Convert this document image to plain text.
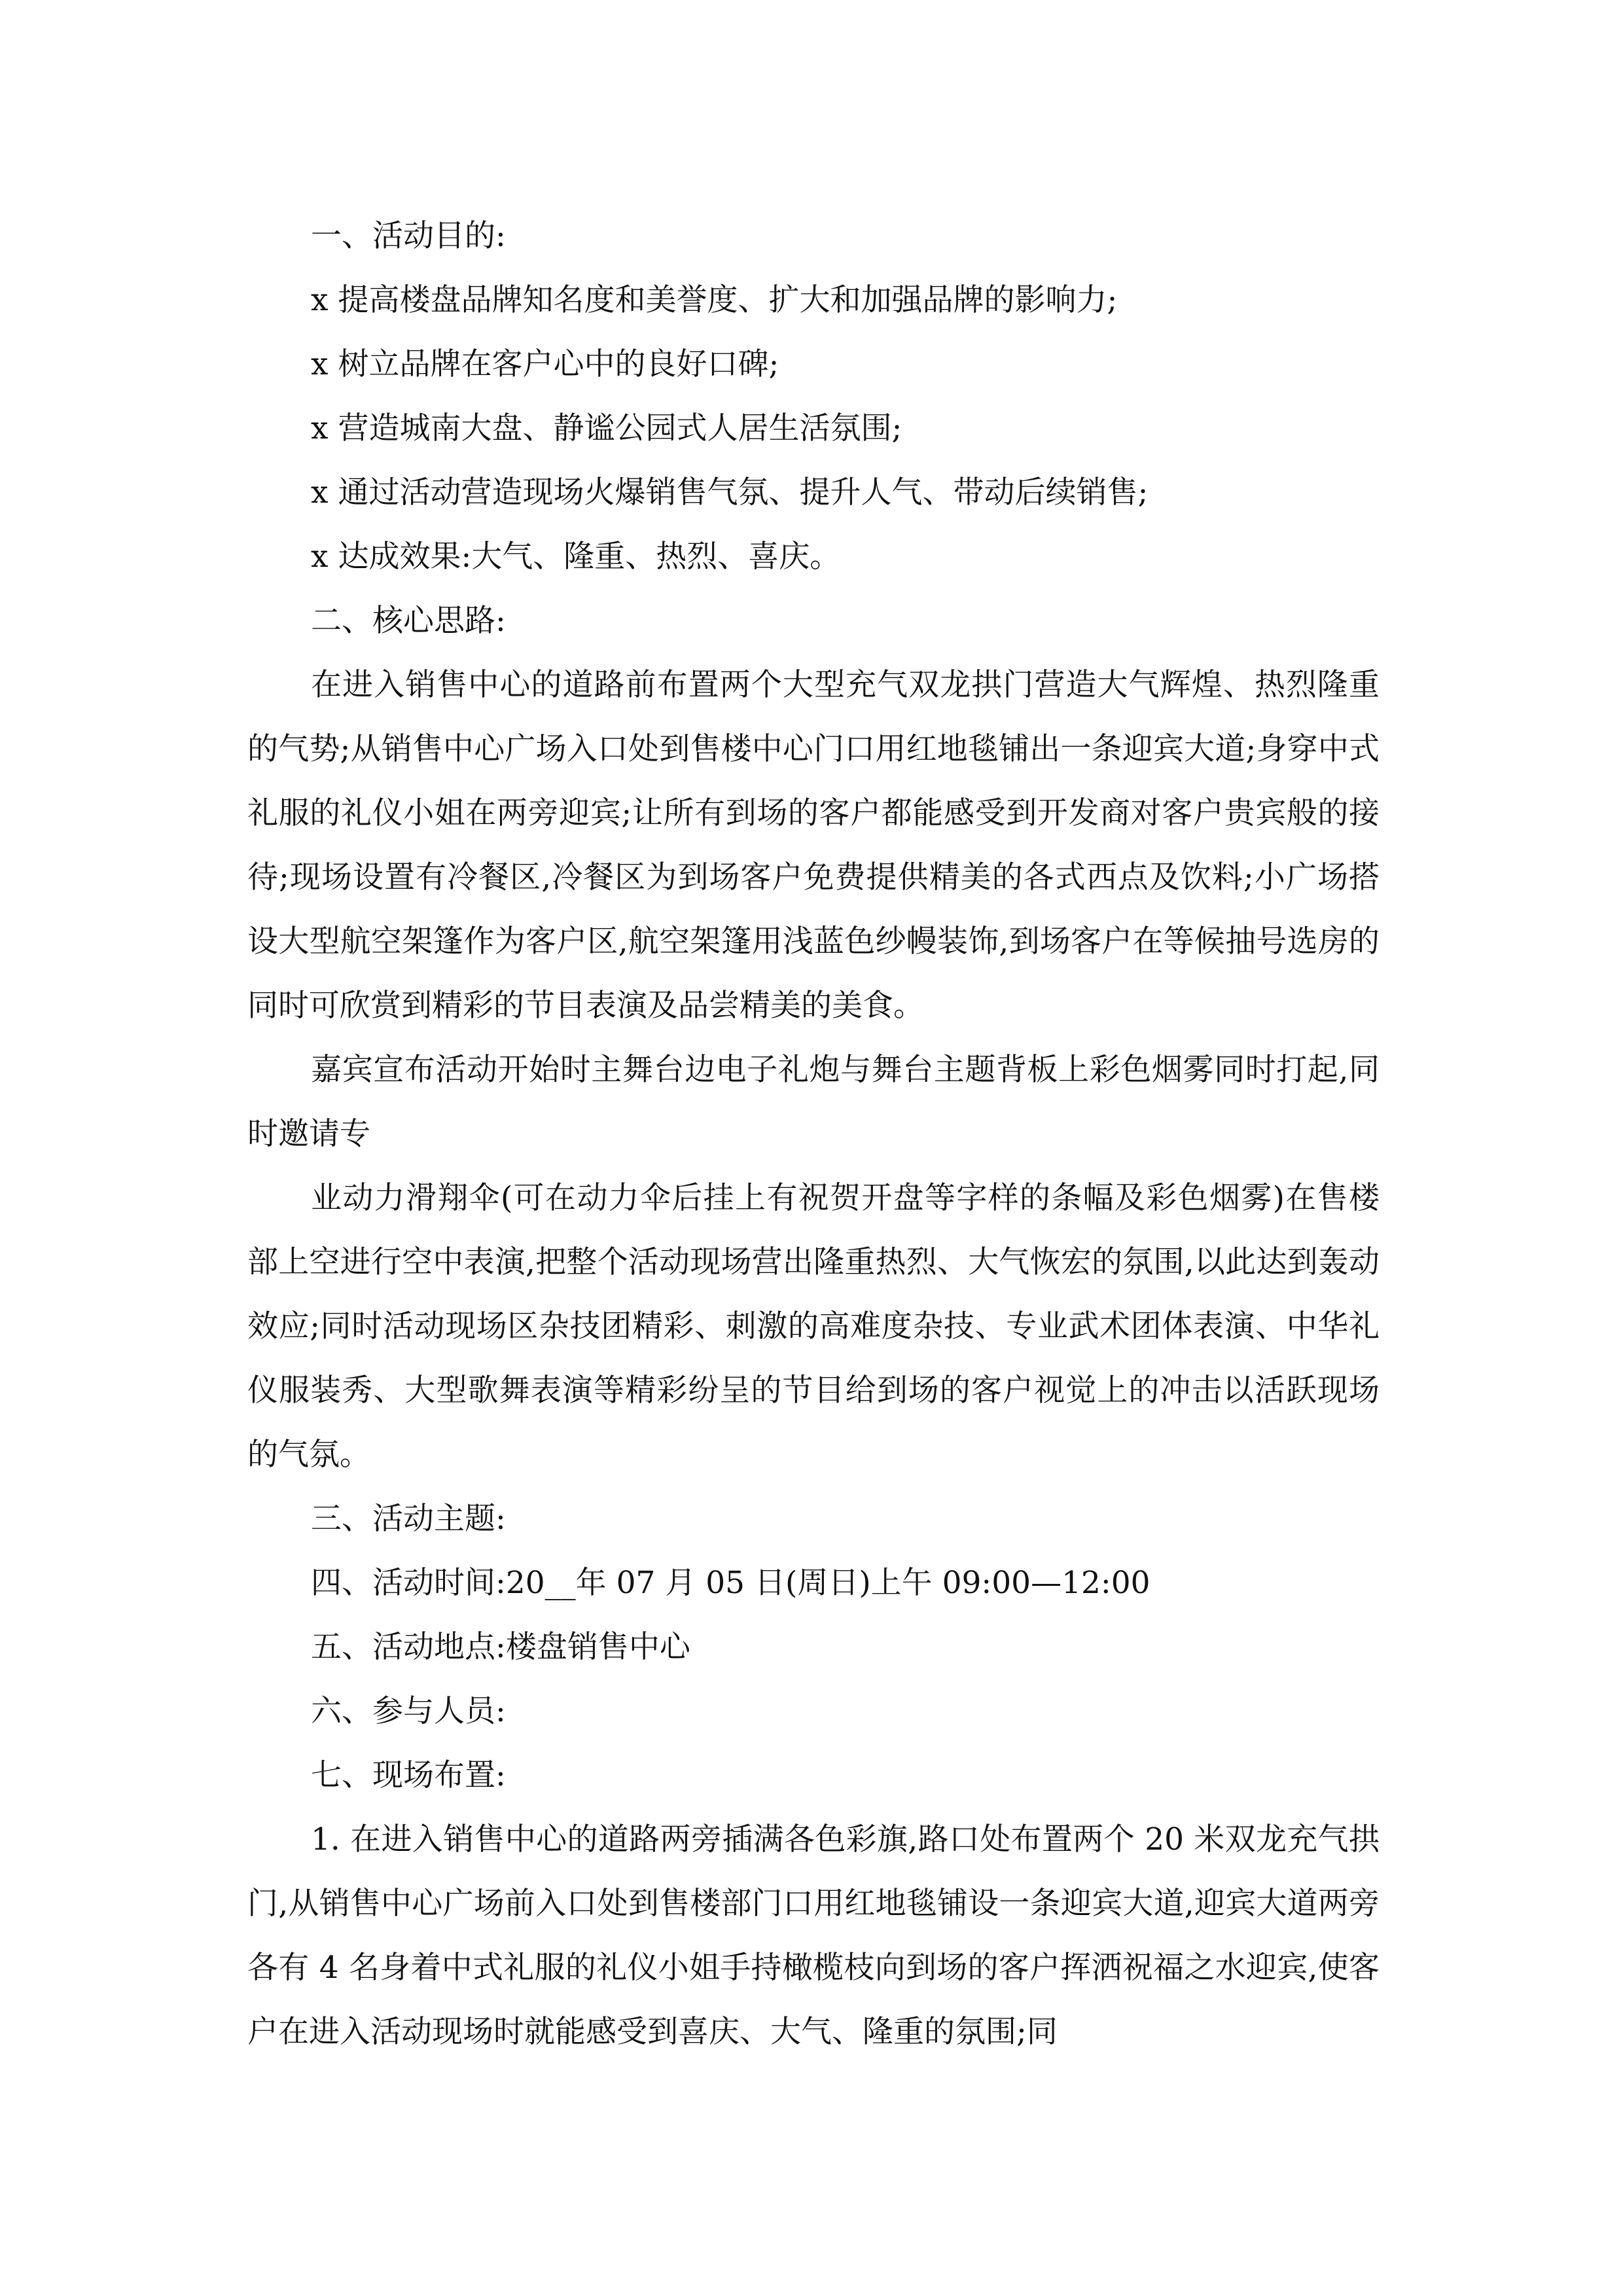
一、活动目的:
x 提高楼盘品牌知名度和美誉度、扩大和加强品牌的影响力;
x 树立品牌在客户心中的良好口碑;
x 营造城南大盘、静谧公园式人居生活氛围;
x 通过活动营造现场火爆销售气氛、提升人气、带动后续销售;
x 达成效果:大气、隆重、热烈、喜庆。
二、核心思路:

在进入销售中心的道路前布置两个大型充气双龙拱门营造大气辉煌、热烈隆重的气势;从销售中心广场入口处到售楼中心门口用红地毯铺出一条迎宾大道;身穿中式礼服的礼仪小姐在两旁迎宾;让所有到场的客户都能感受到开发商对客户贵宾般的接待;现场设置有冷餐区,冷餐区为到场客户免费提供精美的各式西点及饮料;小广场搭设大型航空架篷作为客户区,航空架篷用浅蓝色纱幔装饰,到场客户在等候抽号选房的同时可欣赏到精彩的节目表演及品尝精美的美食。

嘉宾宣布活动开始时主舞台边电子礼炮与舞台主题背板上彩色烟雾同时打起,同时邀请专

业动力滑翔伞(可在动力伞后挂上有祝贺开盘等字样的条幅及彩色烟雾)在售楼部上空进行空中表演,把整个活动现场营出隆重热烈、大气恢宏的氛围,以此达到轰动效应;同时活动现场区杂技团精彩、刺激的高难度杂技、专业武术团体表演、中华礼仪服装秀、大型歌舞表演等精彩纷呈的节目给到场的客户视觉上的冲击以活跃现场的气氛。

三、活动主题:
四、活动时间:20__年 07 月 05 日(周日)上午 09:00—12:00
五、活动地点:楼盘销售中心
六、参与人员:
七、现场布置:

1. 在进入销售中心的道路两旁插满各色彩旗,路口处布置两个 20 米双龙充气拱门,从销售中心广场前入口处到售楼部门口用红地毯铺设一条迎宾大道,迎宾大道两旁各有 4 名身着中式礼服的礼仪小姐手持橄榄枝向到场的客户挥洒祝福之水迎宾,使客户在进入活动现场时就能感受到喜庆、大气、隆重的氛围;同
